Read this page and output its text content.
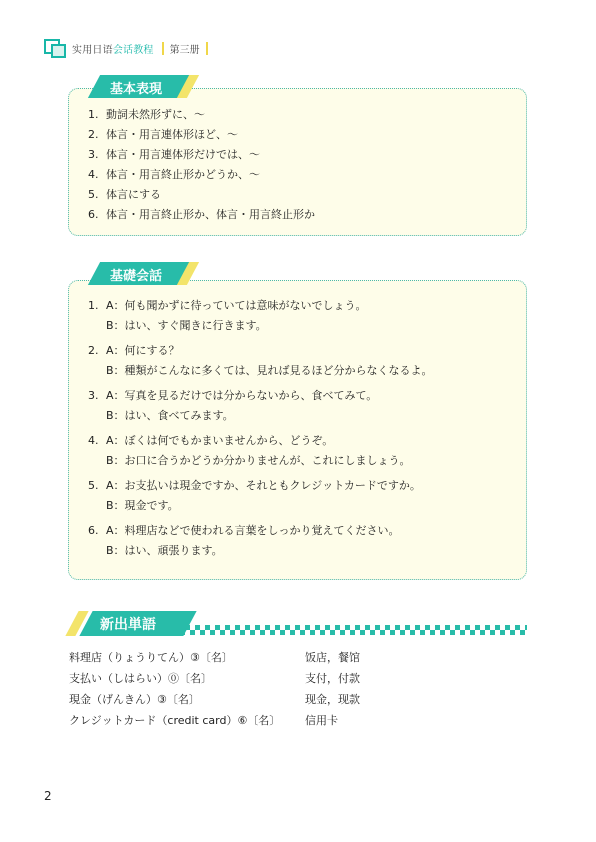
实用日语会话教程 第三册
基本表現
1. 動詞未然形ずに、〜
2. 体言・用言連体形ほど、〜
3. 体言・用言連体形だけでは、〜
4. 体言・用言終止形かどうか、〜
5. 体言にする
6. 体言・用言終止形か、体言・用言終止形か
基礎会話
1. A：何も聞かずに待っていては意味がないでしょう。
B：はい、すぐ聞きに行きます。
2. A：何にする？
B：種類がこんなに多くては、見れば見るほど分からなくなるよ。
3. A：写真を見るだけでは分からないから、食べてみて。
B：はい、食べてみます。
4. A：ぼくは何でもかまいませんから、どうぞ。
B：お口に合うかどうか分かりませんが、これにしましょう。
5. A：お支払いは現金ですか、それともクレジットカードですか。
B：現金です。
6. A：料理店などで使われる言葉をしっかり覚えてください。
B：はい、頑張ります。
新出単語
料理店（りょうりてん）③〔名〕	饭店，餐馆
支払い（しはらい）⓪〔名〕	支付，付款
現金（げんきん）③〔名〕	现金，现款
クレジットカード（credit card）⑥〔名〕	信用卡
2
